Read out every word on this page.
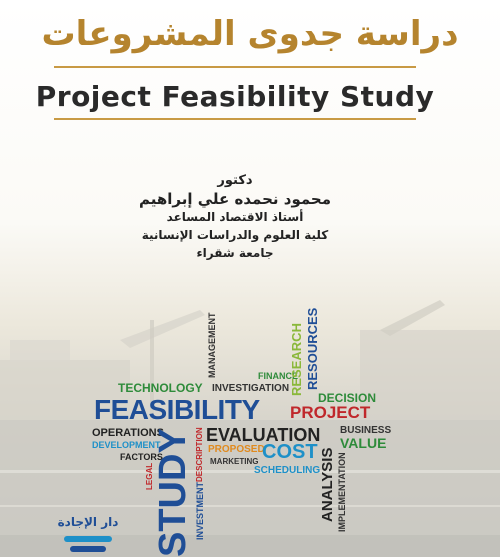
دراسة جدوى المشروعات
Project Feasibility Study
دكتور
محمود نحمده علي إبراهيم
أستاذ الاقتصاد المساعد
كلية العلوم والدراسات الإنسانية
جامعة شقراء
MANAGEMENT	FINANCE
RESEARCH RESOURCES
TECHNOLOGY INVESTIGATION
DECISION
FEASIBILITY PROJECT
OPERATIONS
DEVELOPMENT
FACTORS
EVALUATION BUSINESS
VALUE
PROPOSED
COST
MARKETING
SCHEDULING
STUDY
LEGAL
INVESTMENT
DESCRIPTION	ANALYSIS IMPLEMENTATION
دار الإجادة
